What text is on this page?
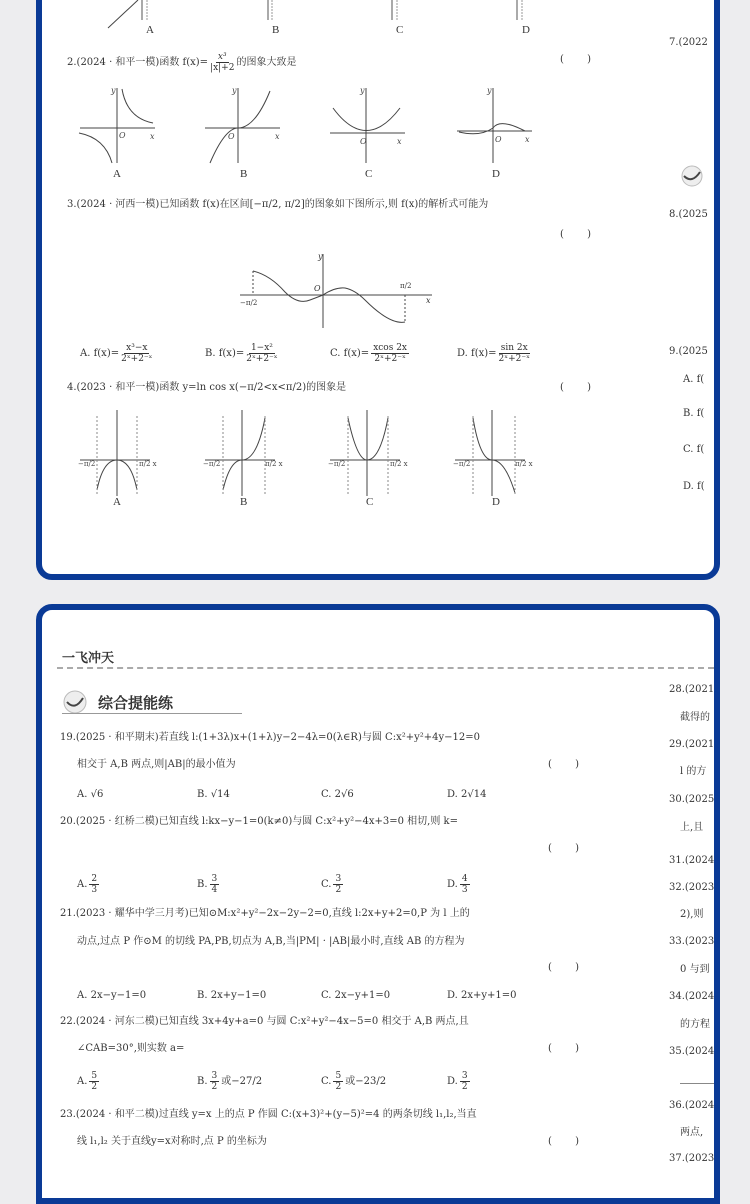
A	B	C	D
7.(2022
8.(2025
9.(2025
A. f(
B. f(
C. f(
D. f(
2.(2024 · 和平一模)函数 $f(x)= \frac{\text{x³}}{|x|+2}$ 的图象大致是	( )
O	x
y	y
O	x
y
O	x
y
O	x
A	B	C	D
3.(2024 · 河西一模)已知函数 f(x)在区间[−π/2, π/2]的图象如下图所示,则 f(x)的解析式可能为
( )
y
O
x
−π/2
π/2
A. $f(x)= \frac{\text{x³−x}}{\text{2ˣ+2⁻ˣ}}$	B. $f(x)= \frac{\text{1−x²}}{\text{2ˣ+2⁻ˣ}}$	C. $f(x)= \frac{xcos 2x}{\text{2ˣ+2⁻ˣ}}$	D. $f(x)= \frac{\sin 2x}{\text{2ˣ+2⁻ˣ}}$
4.(2023 · 和平一模)函数 y=ln cos x(−π/2<x<π/2)的图象是	( )
−π/2	π/2 x	−π/2	π/2 x	−π/2	π/2 x	−π/2	π/2 x
A	B	C	D
一飞冲天
综合提能练
19.(2025 · 和平期末)若直线 l:(1+3λ)x+(1+λ)y−2−4λ=0(λ∈R)与圆 C:x²+y²+4y−12=0
相交于 A,B 两点,则|AB|的最小值为	( )
A. √6	B. √14	C. 2√6	D. 2√14
20.(2025 · 红桥二模)已知直线 l:kx−y−1=0(k≠0)与圆 C:x²+y²−4x+3=0 相切,则 k=
( )
A. $\frac{2}{3}$	B. $\frac{3}{4}$	C. $\frac{3}{2}$	D. $\frac{4}{3}$
21.(2023 · 耀华中学三月考)已知⊙M:x²+y²−2x−2y−2=0,直线 l:2x+y+2=0,P 为 l 上的
动点,过点 P 作⊙M 的切线 PA,PB,切点为 A,B,当|PM| · |AB|最小时,直线 AB 的方程为
( )
A. 2x−y−1=0	B. 2x+y−1=0	C. 2x−y+1=0	D. 2x+y+1=0
22.(2024 · 河东二模)已知直线 3x+4y+a=0 与圆 C:x²+y²−4x−5=0 相交于 A,B 两点,且
∠CAB=30°,则实数 a=	( )
A. $\frac{5}{2}$	B. $\frac{3}{2}$ 或−27/2	C. $\frac{5}{2}$ 或−23/2	D. $\frac{3}{2}$
23.(2024 · 和平二模)过直线 y=x 上的点 P 作圆 C:(x+3)²+(y−5)²=4 的两条切线 l₁,l₂,当直
线 l₁,l₂ 关于直线y=x对称时,点 P 的坐标为	( )
28.(2021
截得的
29.(2021
l 的方
30.(2025
上,且
31.(2024
32.(2023
2),则
33.(2023
0 与到
34.(2024
的方程
35.(2024
36.(2024
两点,
37.(2023
